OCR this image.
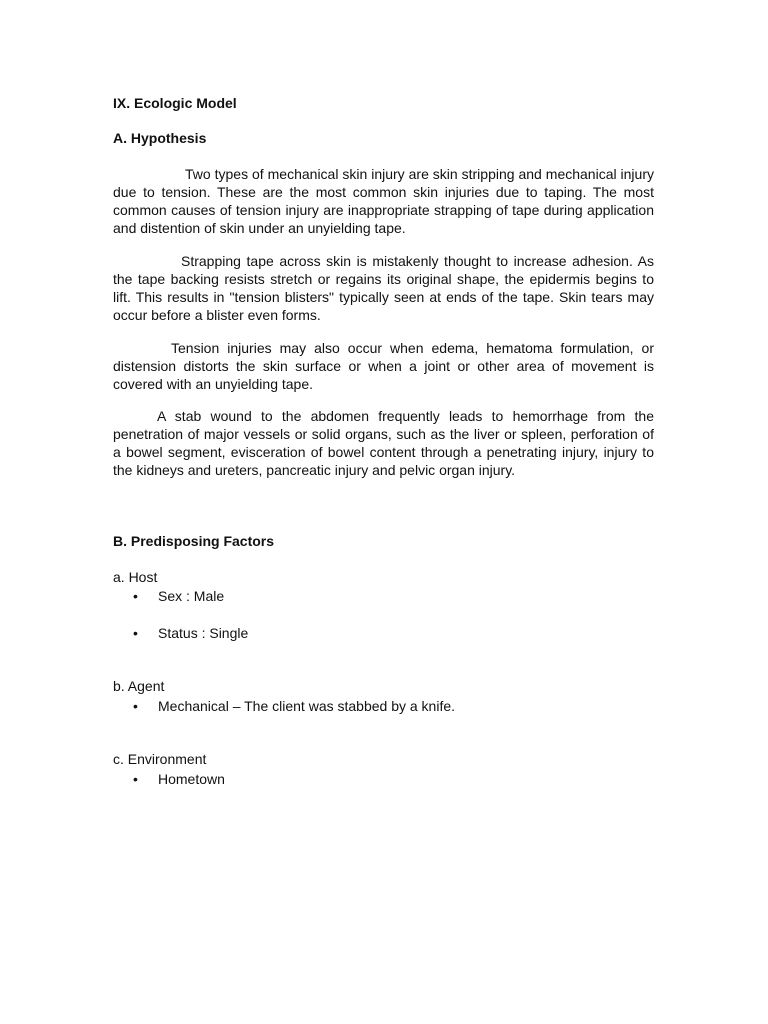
IX. Ecologic Model
A. Hypothesis

Two types of mechanical skin injury are skin stripping and mechanical injury due to tension. These are the most common skin injuries due to taping. The most common causes of tension injury are inappropriate strapping of tape during application and distention of skin under an unyielding tape.

Strapping tape across skin is mistakenly thought to increase adhesion. As the tape backing resists stretch or regains its original shape, the epidermis begins to lift. This results in "tension blisters" typically seen at ends of the tape. Skin tears may occur before a blister even forms.

Tension injuries may also occur when edema, hematoma formulation, or distension distorts the skin surface or when a joint or other area of movement is covered with an unyielding tape.

A stab wound to the abdomen frequently leads to hemorrhage from the penetration of major vessels or solid organs, such as the liver or spleen, perforation of a bowel segment, evisceration of bowel content through a penetrating injury, injury to the kidneys and ureters, pancreatic injury and pelvic organ injury.

B. Predisposing Factors
a. Host
• Sex : Male
• Status : Single
b. Agent
• Mechanical – The client was stabbed by a knife.
c. Environment
• Hometown
